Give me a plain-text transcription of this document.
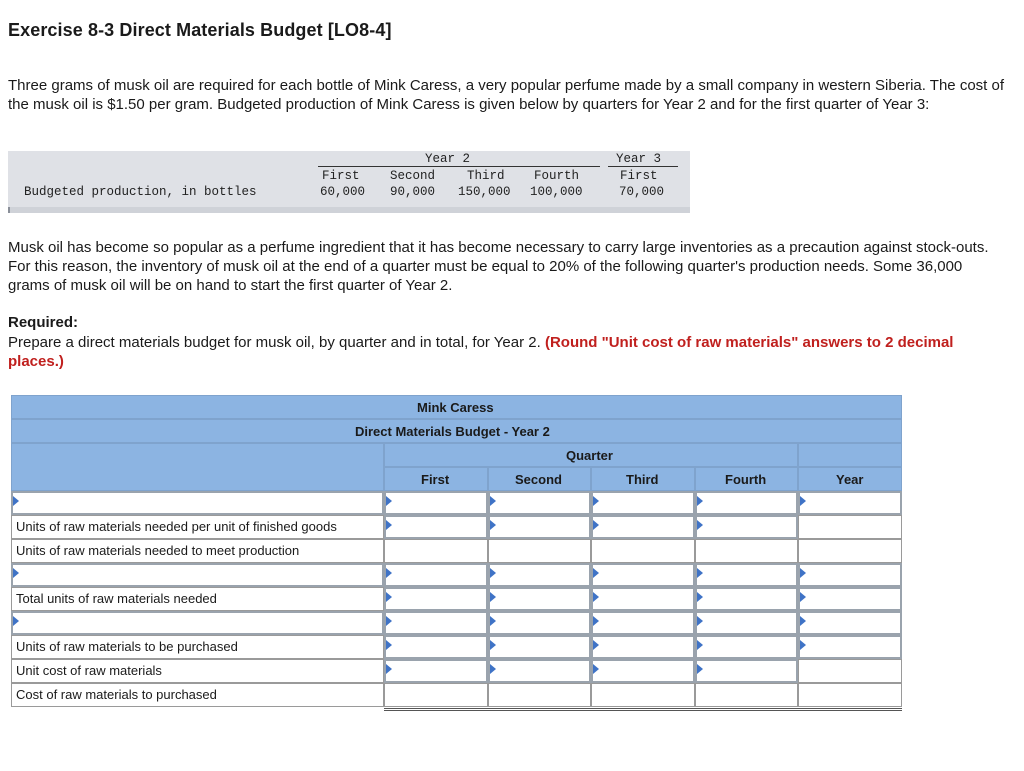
Exercise 8-3 Direct Materials Budget [LO8-4]
Three grams of musk oil are required for each bottle of Mink Caress, a very popular perfume made by a small company in western Siberia. The cost of the musk oil is $1.50 per gram. Budgeted production of Mink Caress is given below by quarters for Year 2 and for the first quarter of Year 3:
Year 2	Year 3
First Second	Third Fourth	First
Budgeted production, in bottles	60,000 90,000 150,000 100,000	70,000
Musk oil has become so popular as a perfume ingredient that it has become necessary to carry large inventories as a precaution against stock-outs. For this reason, the inventory of musk oil at the end of a quarter must be equal to 20% of the following quarter's production needs. Some 36,000 grams of musk oil will be on hand to start the first quarter of Year 2.
Required:
Prepare a direct materials budget for musk oil, by quarter and in total, for Year 2. (Round "Unit cost of raw materials" answers to 2 decimal places.)
Mink Caress
Direct Materials Budget - Year 2
Quarter
First	Second	Third	Fourth	Year
Units of raw materials needed per unit of finished goods
Units of raw materials needed to meet production
Total units of raw materials needed
Units of raw materials to be purchased
Unit cost of raw materials
Cost of raw materials to purchased
